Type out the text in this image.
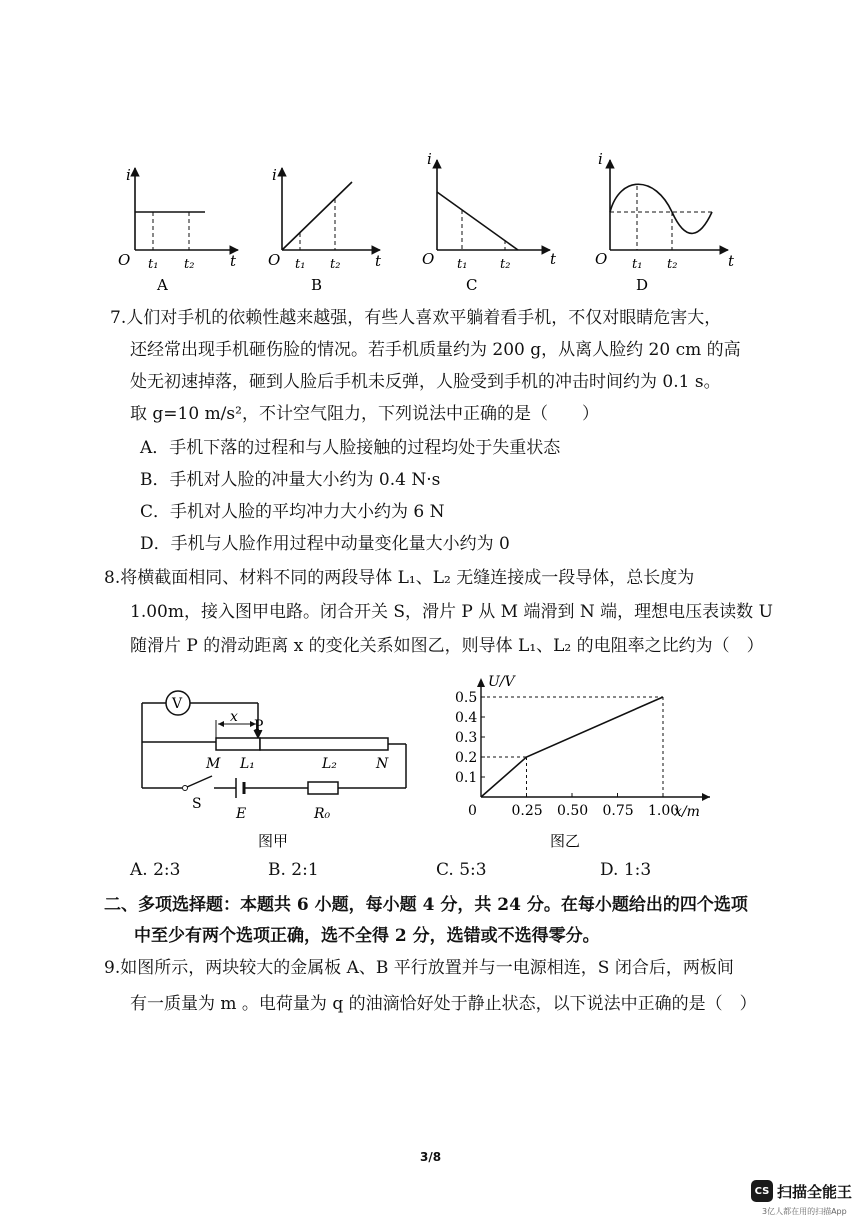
i
O t₁ t₂ t
A
i
O t₁ t₂ t
B
i
O t₁	t₂	t
C
i
O t₁ t₂	t
D
7.人们对手机的依赖性越来越强，有些人喜欢平躺着看手机，不仅对眼睛危害大，
还经常出现手机砸伤脸的情况。若手机质量约为 200 g，从离人脸约 20 cm 的高
处无初速掉落，砸到人脸后手机未反弹，人脸受到手机的冲击时间约为 0.1 s。
取 g=10 m/s²，不计空气阻力，下列说法中正确的是（　　）
A．手机下落的过程和与人脸接触的过程均处于失重状态
B．手机对人脸的冲量大小约为 0.4 N·s
C．手机对人脸的平均冲力大小约为 6 N
D．手机与人脸作用过程中动量变化量大小约为 0
8.将横截面相同、材料不同的两段导体 L₁、L₂ 无缝连接成一段导体，总长度为
1.00m，接入图甲电路。闭合开关 S，滑片 P 从 M 端滑到 N 端，理想电压表读数 U
随滑片 P 的滑动距离 x 的变化关系如图乙，则导体 L₁、L₂ 的电阻率之比约为（　）
V
x
P
M L₁	L₂	N
S
E	R₀
图甲
U/V
x/m
0
图乙
0.1
0.2
0.3
0.4
0.5
0.25 0.50 0.75 1.00
A. 2:3	B. 2:1	C. 5:3	D. 1:3
二、多项选择题：本题共 6 小题，每小题 4 分，共 24 分。在每小题给出的四个选项
中至少有两个选项正确，选不全得 2 分，选错或不选得零分。
9.如图所示，两块较大的金属板 A、B 平行放置并与一电源相连，S 闭合后，两板间
有一质量为 m 。电荷量为 q 的油滴恰好处于静止状态，以下说法中正确的是（　）
3/8
CS 扫描全能王
3亿人都在用的扫描App
